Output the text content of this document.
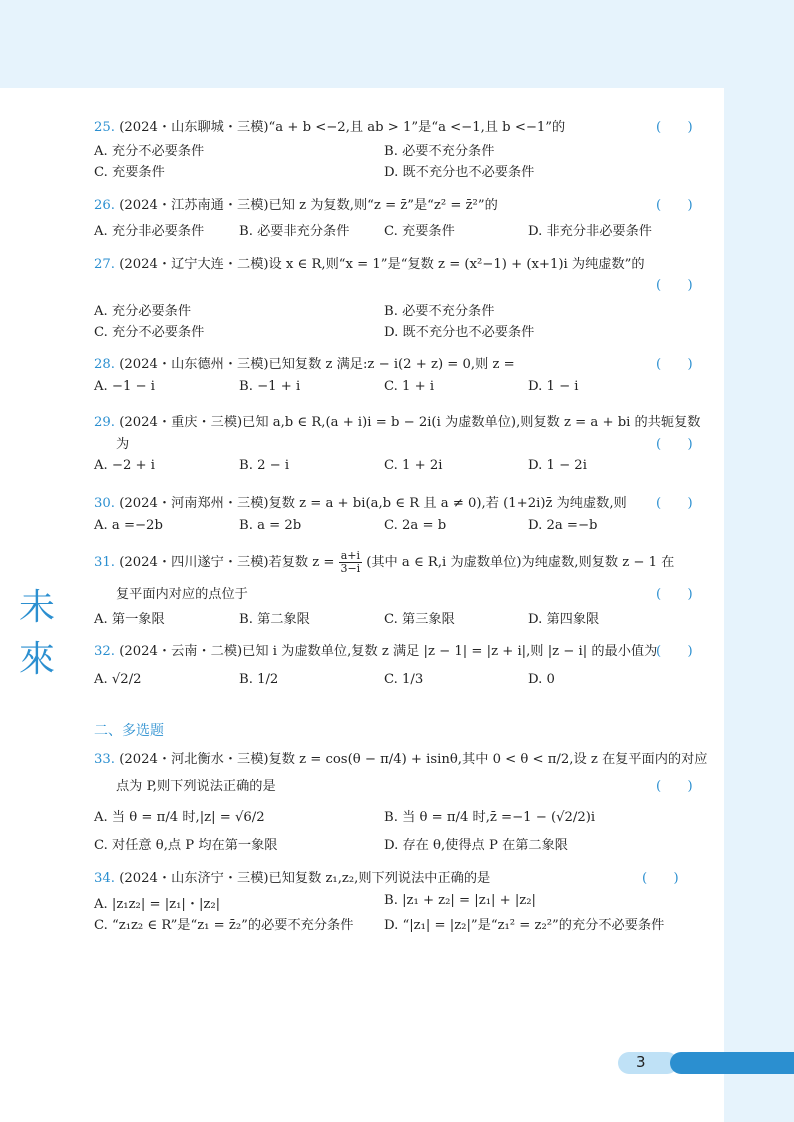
未
來
25. (2024・山东聊城・三模)“a + b <−2,且 ab > 1”是“a <−1,且 b <−1”的	(　　)
A. 充分不必要条件	B. 必要不充分条件
C. 充要条件	D. 既不充分也不必要条件
26. (2024・江苏南通・三模)已知 z 为复数,则“z = z̄”是“z² = z̄²”的	(　　)
A. 充分非必要条件	B. 必要非充分条件	C. 充要条件	D. 非充分非必要条件
27. (2024・辽宁大连・二模)设 x ∈ R,则“x = 1”是“复数 z = (x²−1) + (x+1)i 为纯虚数”的
(　　)
A. 充分必要条件	B. 必要不充分条件
C. 充分不必要条件	D. 既不充分也不必要条件
28. (2024・山东德州・三模)已知复数 z 满足:z − i(2 + z) = 0,则 z =	(　　)
A. −1 − i	B. −1 + i	C. 1 + i	D. 1 − i
29. (2024・重庆・三模)已知 a,b ∈ R,(a + i)i = b − 2i(i 为虚数单位),则复数 z = a + bi 的共轭复数
为	(　　)
A. −2 + i	B. 2 − i	C. 1 + 2i	D. 1 − 2i
30. (2024・河南郑州・三模)复数 z = a + bi(a,b ∈ R 且 a ≠ 0),若 (1+2i)z̄ 为纯虚数,则 (　　)
A. a =−2b	B. a = 2b	C. 2a = b	D. 2a =−b
31. (2024・四川遂宁・三模)若复数 $z = \frac{a+i}{3-i}$ (其中 a ∈ R,i 为虚数单位)为纯虚数,则复数 z − 1 在
复平面内对应的点位于	(　　)
A. 第一象限	B. 第二象限	C. 第三象限	D. 第四象限
32. (2024・云南・二模)已知 i 为虚数单位,复数 z 满足 |z − 1| = |z + i|,则 |z − i| 的最小值为
(　　)
A. √2/2	B. 1/2	C. 1/3	D. 0
二、多选题
33. (2024・河北衡水・三模)复数 z = cos(θ − π/4) + isinθ,其中 0 < θ < π/2,设 z 在复平面内的对应
点为 P,则下列说法正确的是	(　　)
A. 当 θ = π/4 时,|z| = √6/2	B. 当 θ = π/4 时,z̄ =−1 − (√2/2)i
C. 对任意 θ,点 P 均在第一象限	D. 存在 θ,使得点 P 在第二象限
34. (2024・山东济宁・三模)已知复数 z₁,z₂,则下列说法中正确的是	(　　)
A. |z₁z₂| = |z₁|・|z₂|	B. |z₁ + z₂| = |z₁| + |z₂|
C. “z₁z₂ ∈ R”是“z₁ = z̄₂”的必要不充分条件 D. “|z₁| = |z₂|”是“z₁² = z₂²”的充分不必要条件
3
